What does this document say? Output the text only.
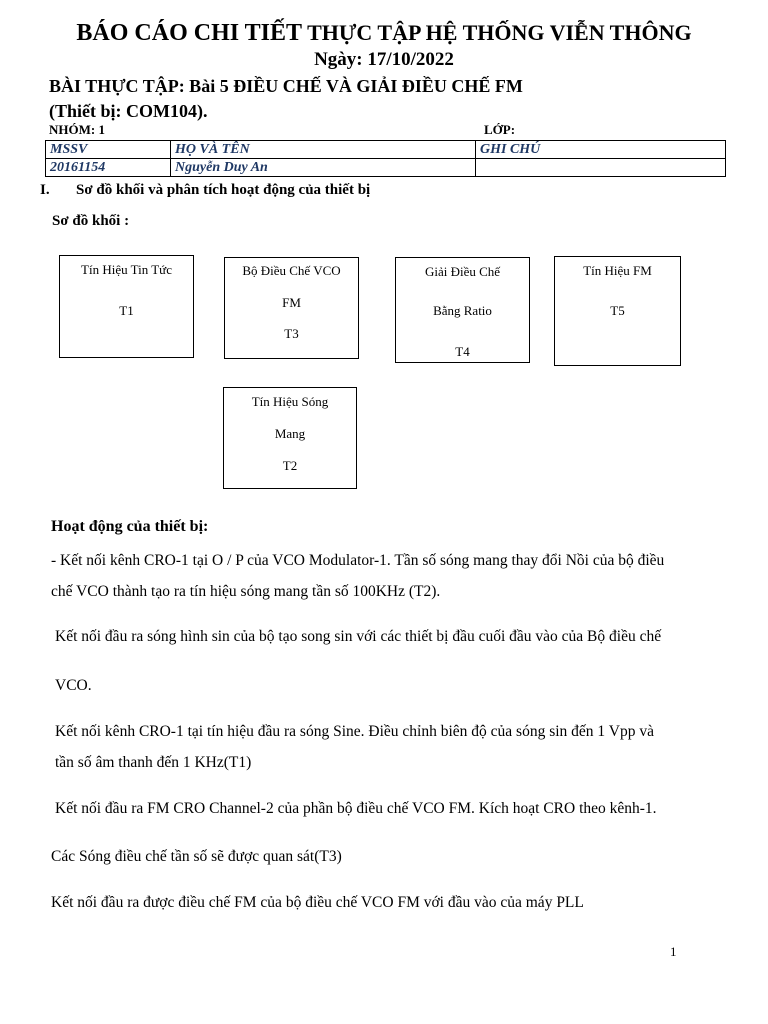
BÁO CÁO CHI TIẾT THỰC TẬP HỆ THỐNG VIỄN THÔNG
Ngày: 17/10/2022
BÀI THỰC TẬP: Bài 5 ĐIỀU CHẾ VÀ GIẢI ĐIỀU CHẾ FM
(Thiết bị: COM104).
NHÓM: 1	LỚP:
MSSV	HỌ VÀ TÊN	GHI CHÚ
20161154	Nguyễn Duy An	
I. Sơ đồ khối và phân tích hoạt động của thiết bị
Sơ đồ khối :
Tín Hiệu Tin Tức
T1
Bộ Điều Chế VCO
FM
T3
Giải Điều Chế
Bằng Ratio
T4
Tín Hiệu FM
T5
Tín Hiệu Sóng
Mang
T2
Hoạt động của thiết bị:
- Kết nối kênh CRO-1 tại O / P của VCO Modulator-1. Tần số sóng mang thay đổi Nồi của bộ điều
chế VCO thành tạo ra tín hiệu sóng mang tần số 100KHz (T2).
Kết nối đầu ra sóng hình sin của bộ tạo song sin với các thiết bị đầu cuối đầu vào của Bộ điều chế
VCO.
Kết nối kênh CRO-1 tại tín hiệu đầu ra sóng Sine. Điều chỉnh biên độ của sóng sin đến 1 Vpp và
tần số âm thanh đến 1 KHz(T1)
Kết nối đầu ra FM CRO Channel-2 của phần bộ điều chế VCO FM. Kích hoạt CRO theo kênh-1.
Các Sóng điều chế tần số sẽ được quan sát(T3)
Kết nối đầu ra được điều chế FM của bộ điều chế VCO FM với đầu vào của máy PLL
1
